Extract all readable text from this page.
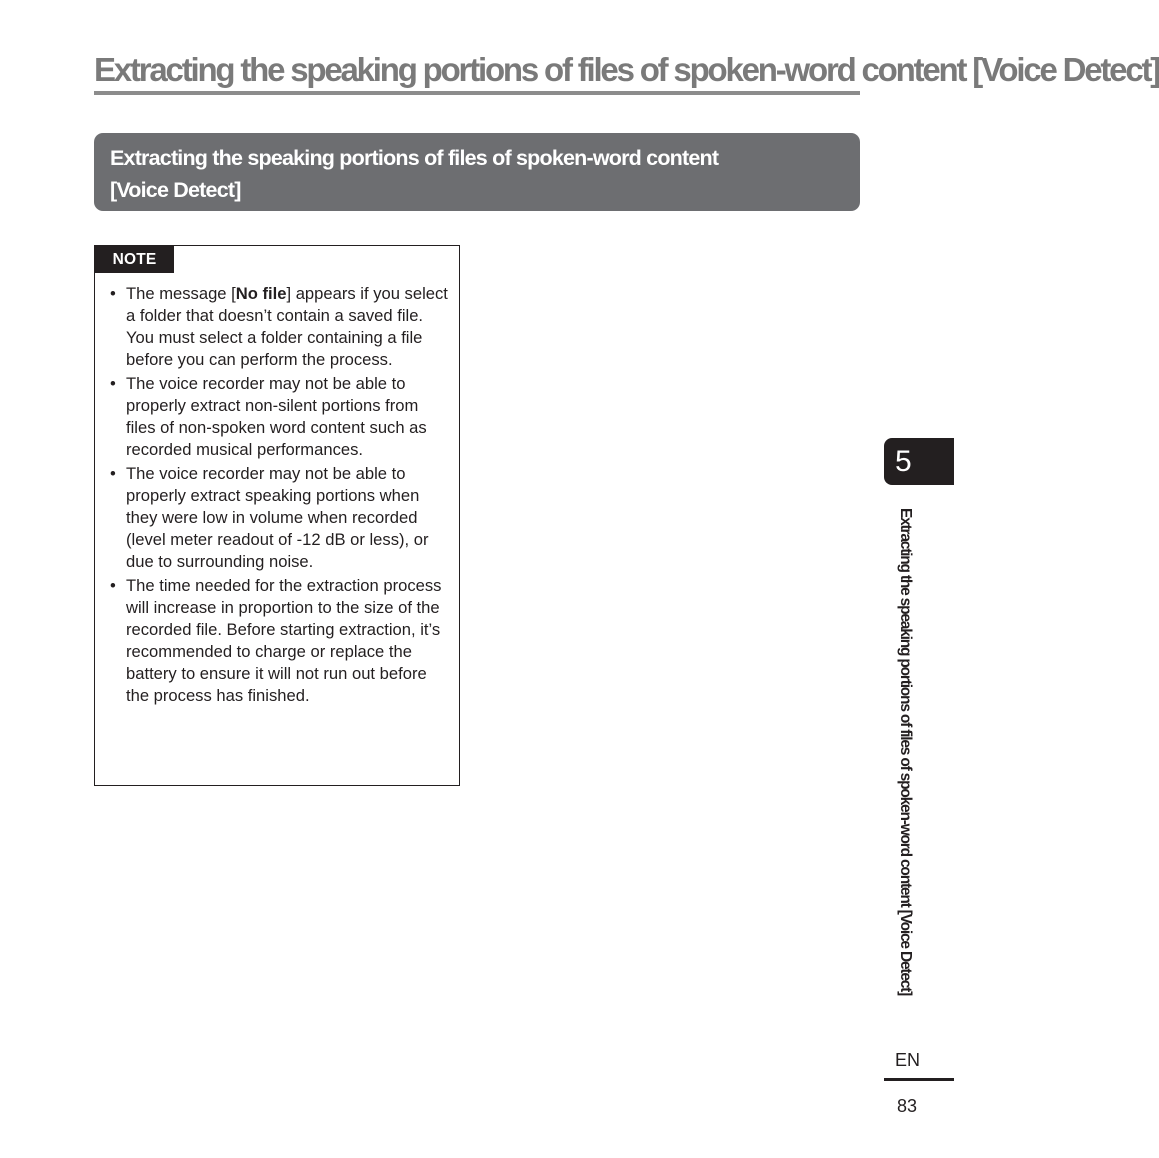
Extracting the speaking portions of files of spoken-word content [Voice Detect]
Extracting the speaking portions of files of spoken-word content
[Voice Detect]
NOTE
• The message [No file] appears if you select a folder that doesn’t contain a saved file. You must select a folder containing a file before you can perform the process.
• The voice recorder may not be able to properly extract non-silent portions from files of non-spoken word content such as recorded musical performances.
• The voice recorder may not be able to properly extract speaking portions when they were low in volume when recorded (level meter readout of -12 dB or less), or due to surrounding noise.
• The time needed for the extraction process will increase in proportion to the size of the recorded file. Before starting extraction, it’s recommended to charge or replace the battery to ensure it will not run out before the process has finished.
5
Extracting the speaking portions of files of spoken-word content [Voice Detect]
EN
83
